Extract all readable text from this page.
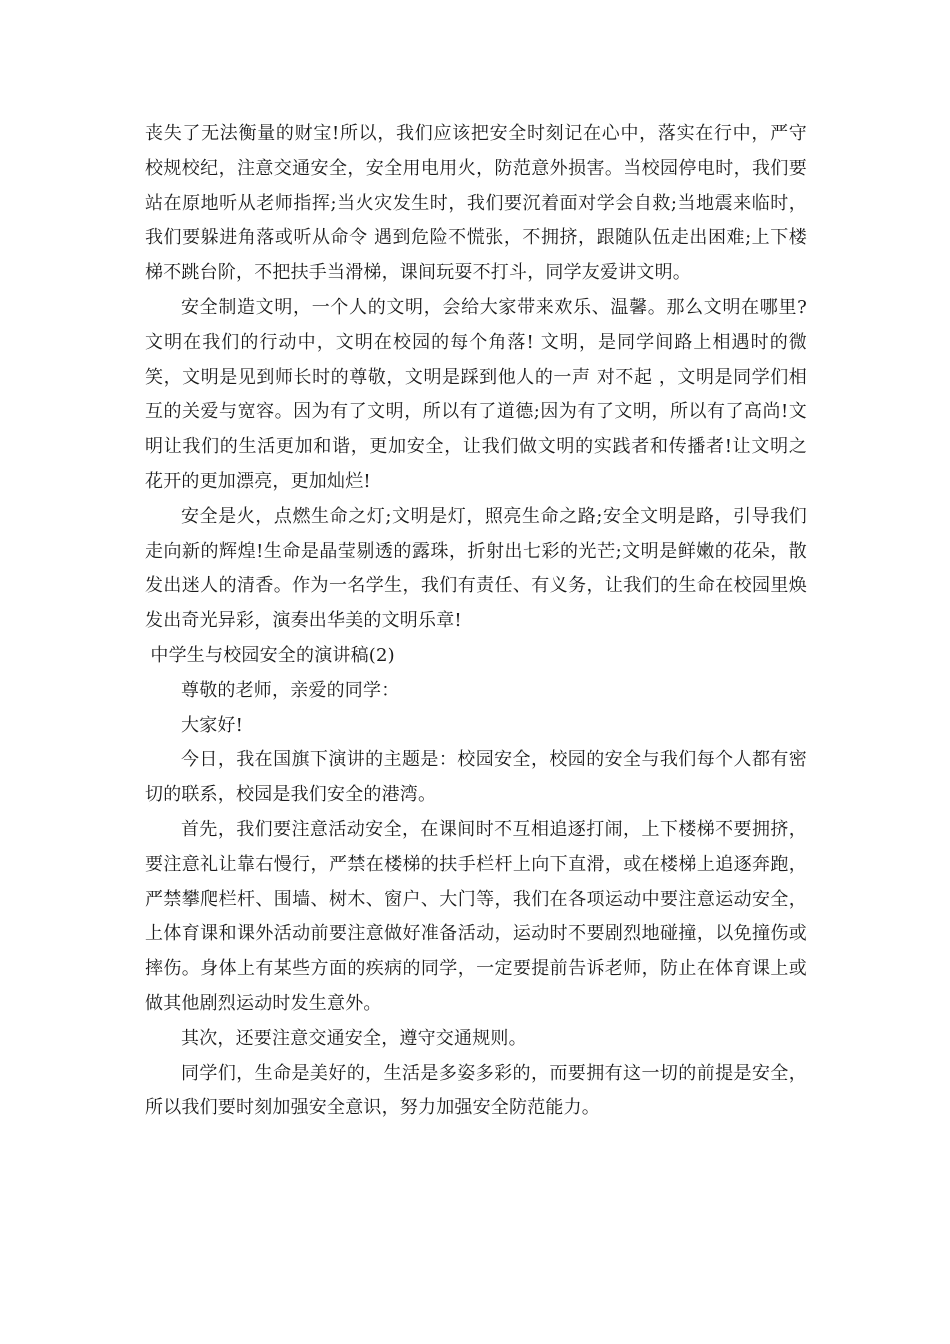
丧失了无法衡量的财宝!所以，我们应该把安全时刻记在心中，落实在行中，严守校规校纪，注意交通安全，安全用电用火，防范意外损害。当校园停电时，我们要站在原地听从老师指挥;当火灾发生时，我们要沉着面对学会自救;当地震来临时，我们要躲进角落或听从命令 遇到危险不慌张，不拥挤，跟随队伍走出困难;上下楼梯不跳台阶，不把扶手当滑梯，课间玩耍不打斗，同学友爱讲文明。

安全制造文明，一个人的文明，会给大家带来欢乐、温馨。那么文明在哪里? 文明在我们的行动中，文明在校园的每个角落! 文明，是同学间路上相遇时的微笑，文明是见到师长时的尊敬，文明是踩到他人的一声 对不起 ，文明是同学们相互的关爱与宽容。因为有了文明，所以有了道德;因为有了文明，所以有了高尚!文明让我们的生活更加和谐，更加安全，让我们做文明的实践者和传播者!让文明之花开的更加漂亮，更加灿烂!

安全是火，点燃生命之灯;文明是灯，照亮生命之路;安全文明是路，引导我们走向新的辉煌!生命是晶莹剔透的露珠，折射出七彩的光芒;文明是鲜嫩的花朵，散发出迷人的清香。作为一名学生，我们有责任、有义务，让我们的生命在校园里焕发出奇光异彩，演奏出华美的文明乐章!

中学生与校园安全的演讲稿(2)

尊敬的老师，亲爱的同学：

大家好!

今日，我在国旗下演讲的主题是：校园安全，校园的安全与我们每个人都有密切的联系，校园是我们安全的港湾。

首先，我们要注意活动安全，在课间时不互相追逐打闹，上下楼梯不要拥挤，要注意礼让靠右慢行，严禁在楼梯的扶手栏杆上向下直滑，或在楼梯上追逐奔跑，严禁攀爬栏杆、围墙、树木、窗户、大门等，我们在各项运动中要注意运动安全，上体育课和课外活动前要注意做好准备活动，运动时不要剧烈地碰撞，以免撞伤或摔伤。身体上有某些方面的疾病的同学，一定要提前告诉老师，防止在体育课上或做其他剧烈运动时发生意外。

其次，还要注意交通安全，遵守交通规则。

同学们，生命是美好的，生活是多姿多彩的，而要拥有这一切的前提是安全，所以我们要时刻加强安全意识，努力加强安全防范能力。
